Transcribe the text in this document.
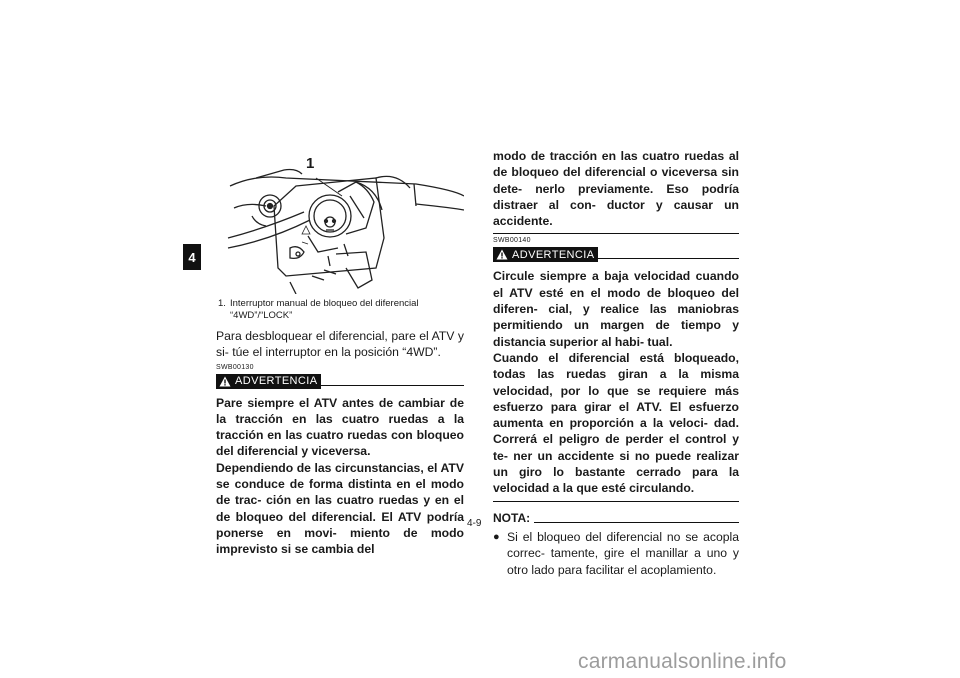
4
1
1. Interruptor manual de bloqueo del diferencial “4WD”/“LOCK”

Para desbloquear el diferencial, pare el ATV y si- túe el interruptor en la posición “4WD”.

SWB00130
ADVERTENCIA

Pare siempre el ATV antes de cambiar de la tracción en las cuatro ruedas a la tracción en las cuatro ruedas con bloqueo del diferencial y viceversa.

Dependiendo de las circunstancias, el ATV se conduce de forma distinta en el modo de trac- ción en las cuatro ruedas y en el de bloqueo del diferencial. El ATV podría ponerse en movi- miento de modo imprevisto si se cambia del

modo de tracción en las cuatro ruedas al de bloqueo del diferencial o viceversa sin dete- nerlo previamente. Eso podría distraer al con- ductor y causar un accidente.

SWB00140
ADVERTENCIA

Circule siempre a baja velocidad cuando el ATV esté en el modo de bloqueo del diferen- cial, y realice las maniobras permitiendo un margen de tiempo y distancia superior al habi- tual.

Cuando el diferencial está bloqueado, todas las ruedas giran a la misma velocidad, por lo que se requiere más esfuerzo para girar el ATV. El esfuerzo aumenta en proporción a la veloci- dad. Correrá el peligro de perder el control y te- ner un accidente si no puede realizar un giro lo bastante cerrado para la velocidad a la que esté circulando.

NOTA:
● Si el bloqueo del diferencial no se acopla correc- tamente, gire el manillar a uno y otro lado para facilitar el acoplamiento.
4-9
carmanualsonline.info
